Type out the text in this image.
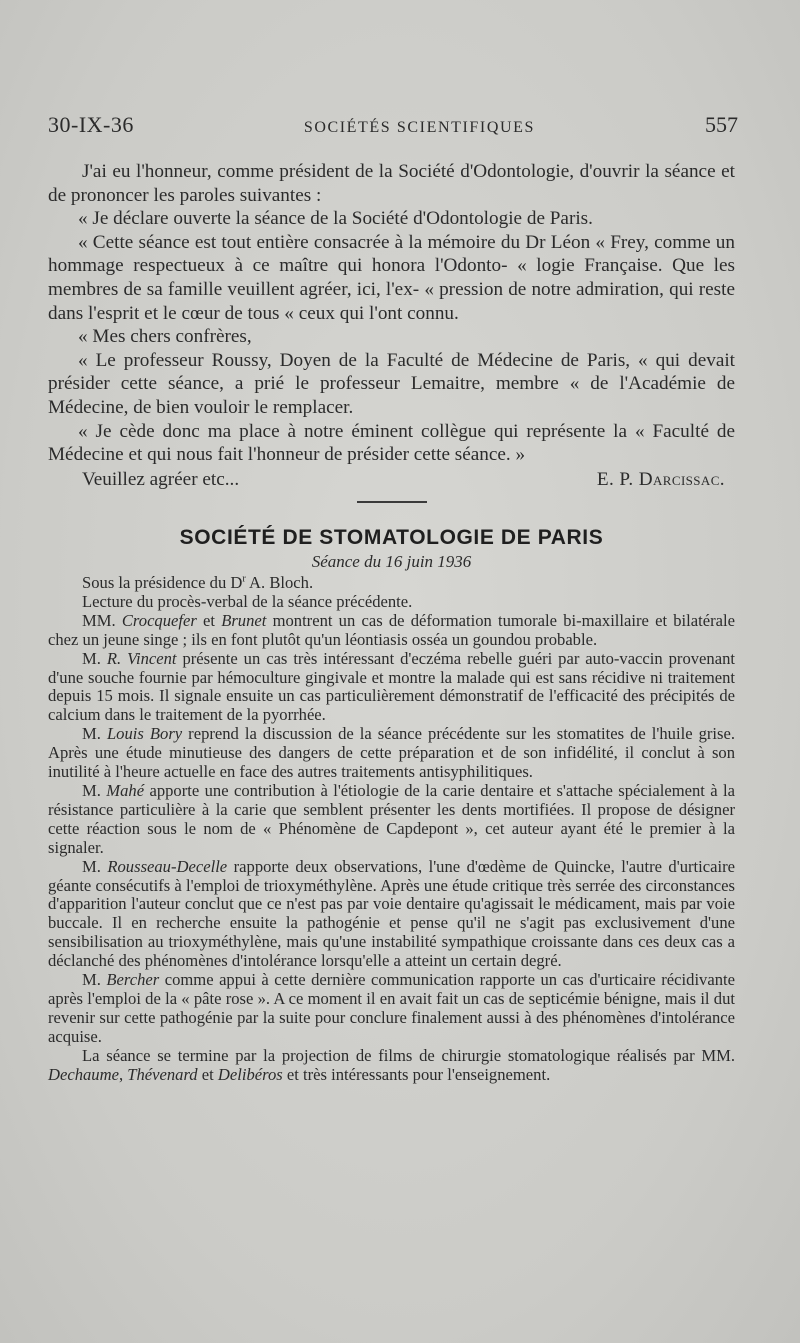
30-IX-36	SOCIÉTÉS SCIENTIFIQUES	557

J'ai eu l'honneur, comme président de la Société d'Odontologie, d'ouvrir la séance et de prononcer les paroles suivantes :

« Je déclare ouverte la séance de la Société d'Odontologie de Paris.

« Cette séance est tout entière consacrée à la mémoire du Dr Léon « Frey, comme un hommage respectueux à ce maître qui honora l'Odonto- « logie Française. Que les membres de sa famille veuillent agréer, ici, l'ex- « pression de notre admiration, qui reste dans l'esprit et le cœur de tous « ceux qui l'ont connu.

« Mes chers confrères,

« Le professeur Roussy, Doyen de la Faculté de Médecine de Paris, « qui devait présider cette séance, a prié le professeur Lemaitre, membre « de l'Académie de Médecine, de bien vouloir le remplacer.

« Je cède donc ma place à notre éminent collègue qui représente la « Faculté de Médecine et qui nous fait l'honneur de présider cette séance. »

Veuillez agréer etc...	E. P. Darcissac.
SOCIÉTÉ DE STOMATOLOGIE DE PARIS
Séance du 16 juin 1936

Sous la présidence du $D^r$ A. Bloch.

Lecture du procès-verbal de la séance précédente.

MM. Crocquefer et Brunet montrent un cas de déformation tumorale bi-maxillaire et bilatérale chez un jeune singe ; ils en font plutôt qu'un léontiasis osséa un goundou probable.

M. R. Vincent présente un cas très intéressant d'eczéma rebelle guéri par auto-vaccin provenant d'une souche fournie par hémoculture gingivale et montre la malade qui est sans récidive ni traitement depuis 15 mois. Il signale ensuite un cas particulièrement démonstratif de l'efficacité des précipités de calcium dans le traitement de la pyorrhée.

M. Louis Bory reprend la discussion de la séance précédente sur les stomatites de l'huile grise. Après une étude minutieuse des dangers de cette préparation et de son infidélité, il conclut à son inutilité à l'heure actuelle en face des autres traitements antisyphilitiques.

M. Mahé apporte une contribution à l'étiologie de la carie dentaire et s'attache spécialement à la résistance particulière à la carie que semblent présenter les dents mortifiées. Il propose de désigner cette réaction sous le nom de « Phénomène de Capdepont », cet auteur ayant été le premier à la signaler.

M. Rousseau-Decelle rapporte deux observations, l'une d'œdème de Quincke, l'autre d'urticaire géante consécutifs à l'emploi de trioxyméthylène. Après une étude critique très serrée des circonstances d'apparition l'auteur conclut que ce n'est pas par voie dentaire qu'agissait le médicament, mais par voie buccale. Il en recherche ensuite la pathogénie et pense qu'il ne s'agit pas exclusivement d'une sensibilisation au trioxyméthylène, mais qu'une instabilité sympathique croissante dans ces deux cas a déclanché des phénomènes d'intolérance lorsqu'elle a atteint un certain degré.

M. Bercher comme appui à cette dernière communication rapporte un cas d'urticaire récidivante après l'emploi de la « pâte rose ». A ce moment il en avait fait un cas de septicémie bénigne, mais il dut revenir sur cette pathogénie par la suite pour conclure finalement aussi à des phénomènes d'intolérance acquise.

La séance se termine par la projection de films de chirurgie stomatologique réalisés par MM. Dechaume, Thévenard et Delibéros et très intéressants pour l'enseignement.
